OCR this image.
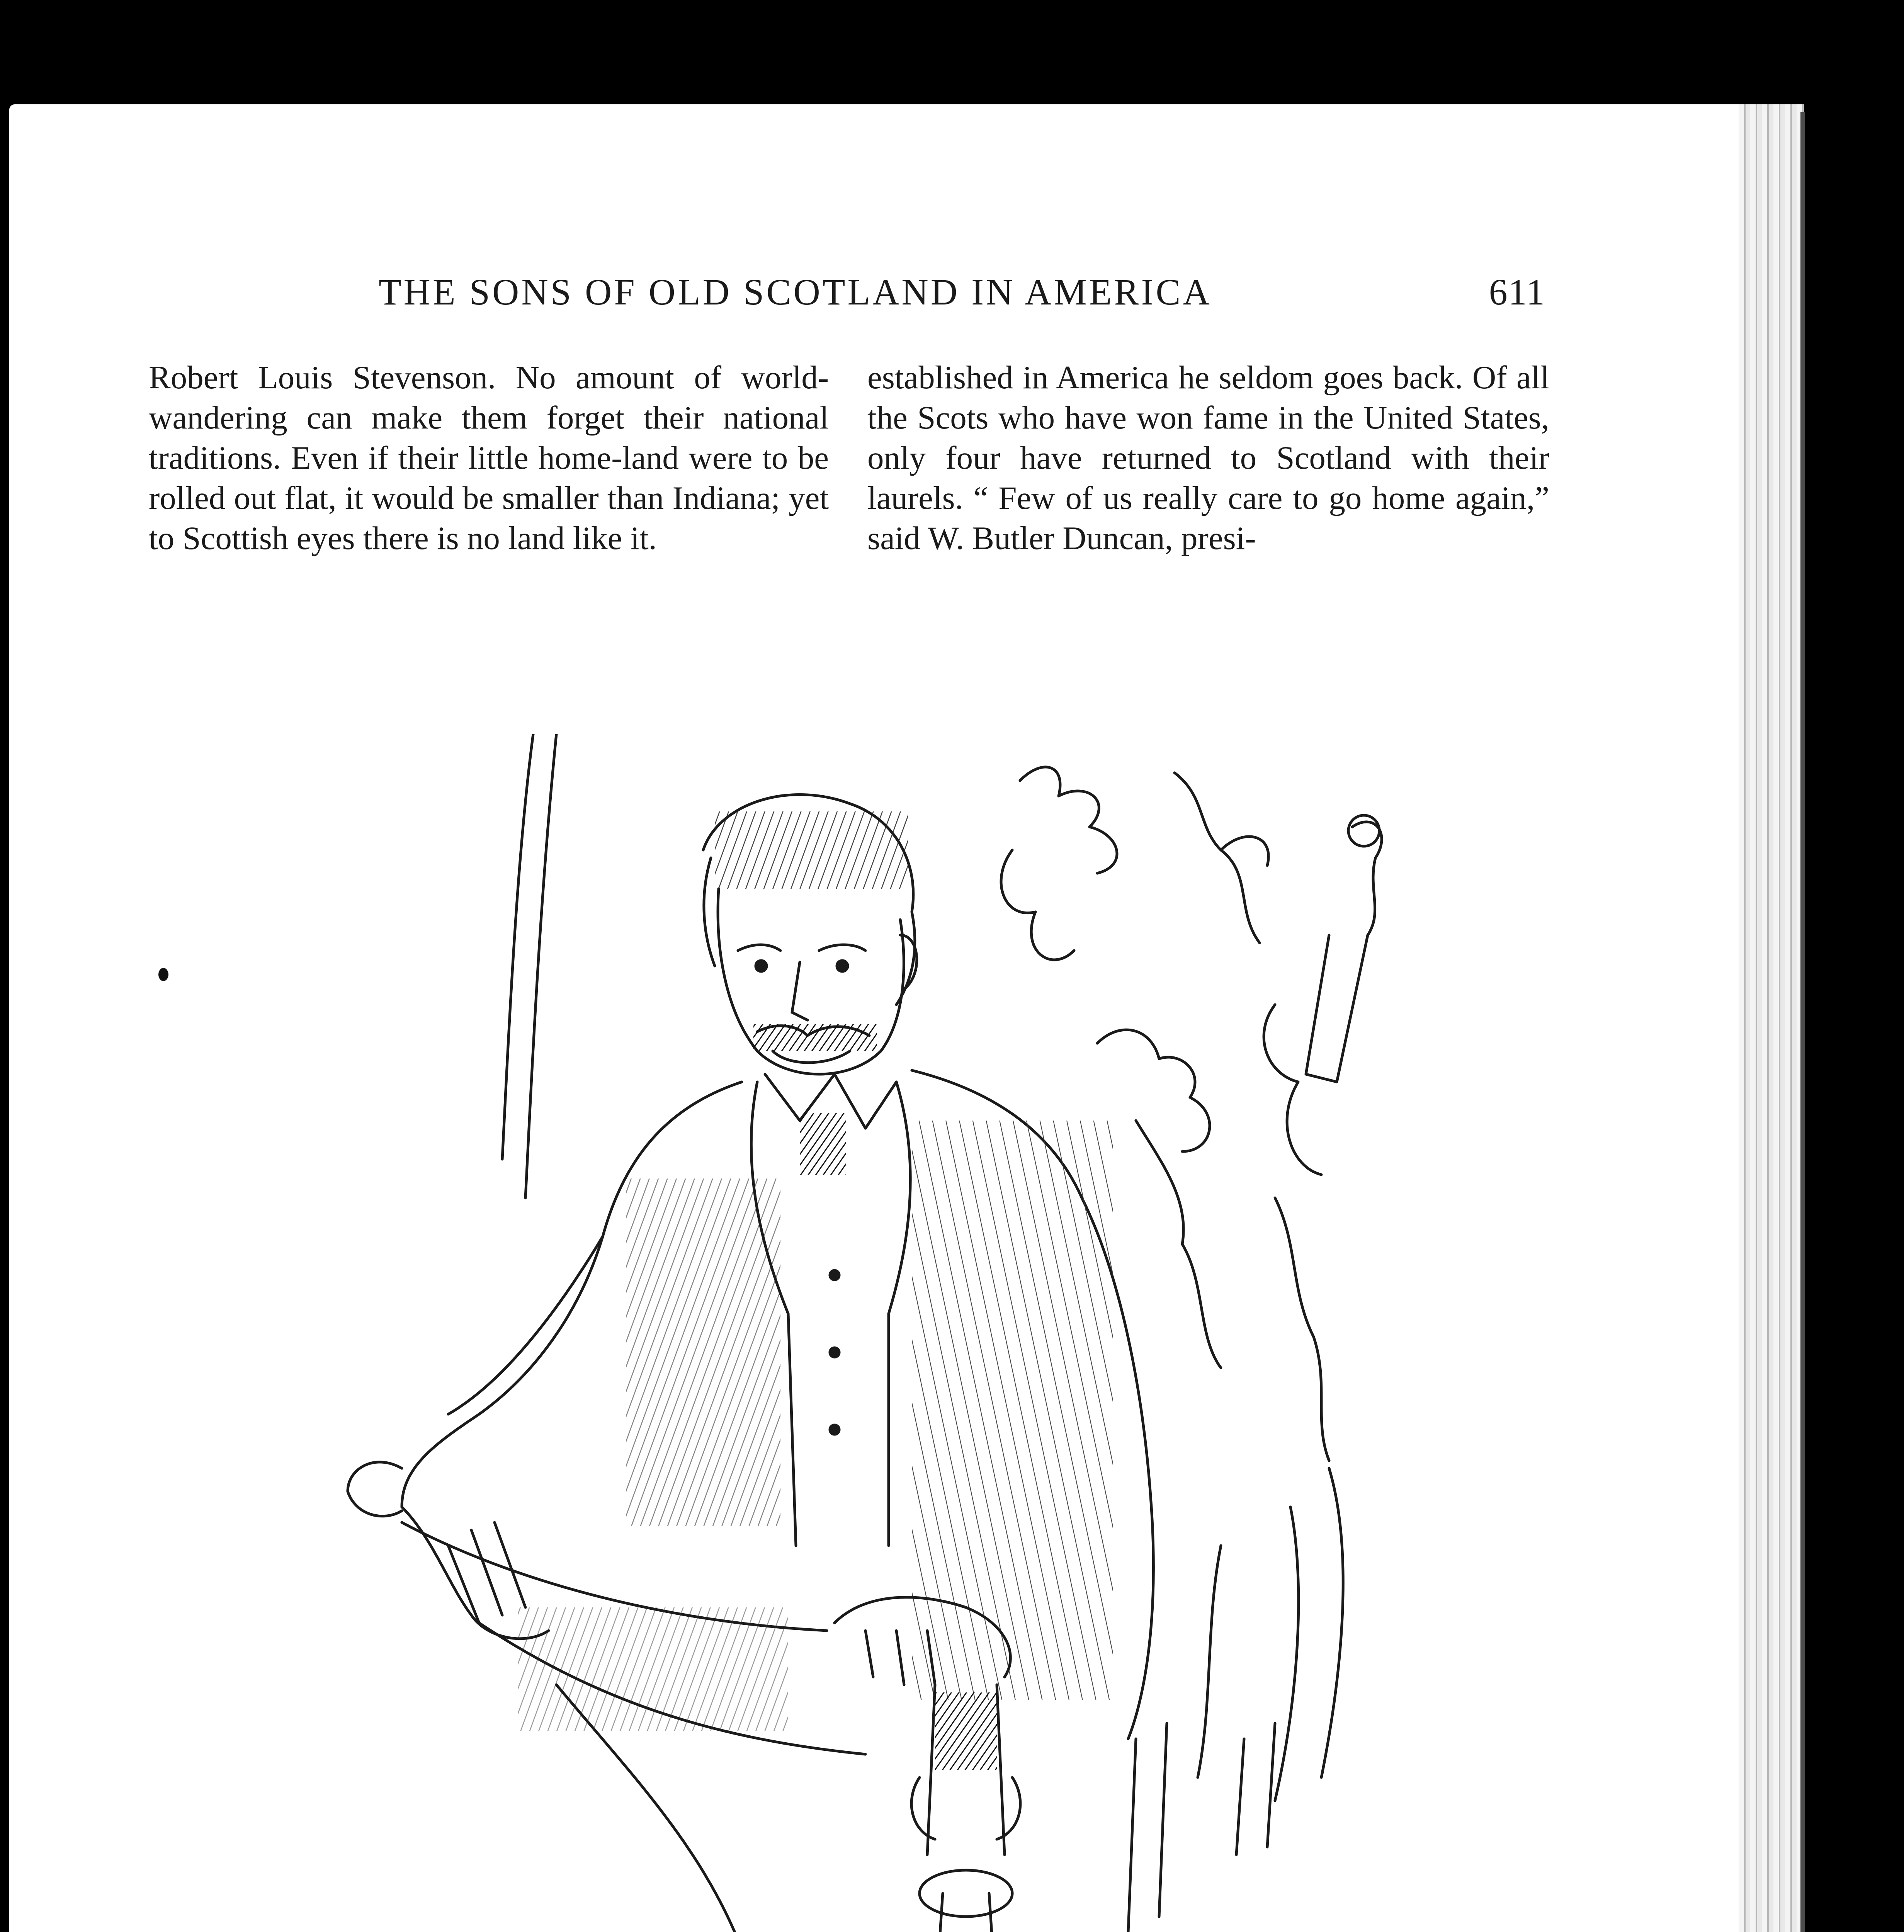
THE SONS OF OLD SCOTLAND IN AMERICA	611

Robert Louis Stevenson. No amount of world-wandering can make them forget their national traditions. Even if their little home-land were to be rolled out flat, it would be smaller than Indiana; yet to Scottish eyes there is no land like it.

established in America he seldom goes back. Of all the Scots who have won fame in the United States, only four have returned to Scotland with their laurels. “ Few of us really care to go home again,” said W. Butler Duncan, presi-
